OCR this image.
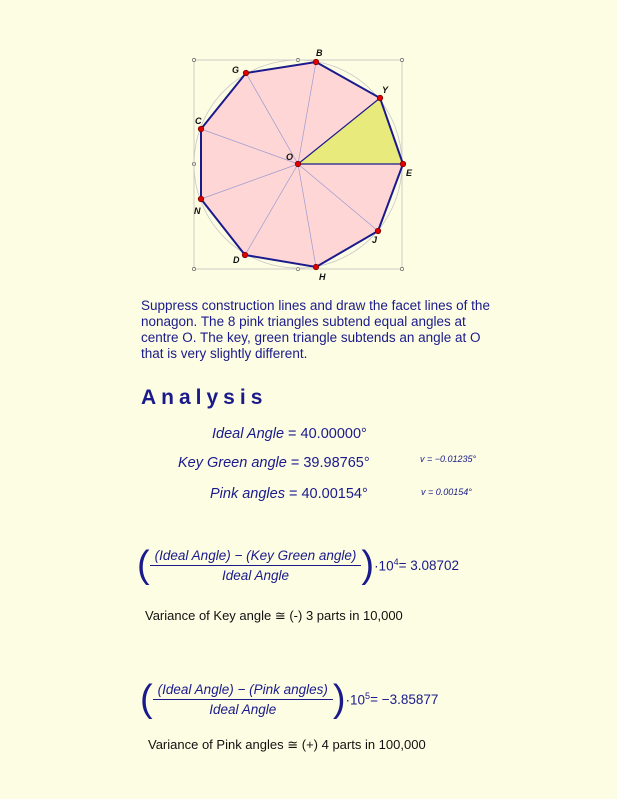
B
Y
E
J
H
D
N
C
G
O
Suppress construction lines and draw the facet lines of the nonagon. The 8 pink triangles subtend equal angles at centre O. The key, green triangle subtends an angle at O that is very slightly different.
Analysis
Ideal Angle = 40.00000°
Key Green angle = 39.98765°	v = −0.01235°
Pink angles = 40.00154°	v = 0.00154°
( $\frac{\text{(Ideal Angle) − (Key Green angle)}}{\text{Ideal Angle}}$ ) $\cdot 10^4 = 3.08702$
Variance of Key angle ≅ (-) 3 parts in 10,000
( $\frac{\text{(Ideal Angle) − (Pink angles)}}{\text{Ideal Angle}}$ ) $\cdot 10^5 = -3.85877$
Variance of Pink angles ≅ (+) 4 parts in 100,000
